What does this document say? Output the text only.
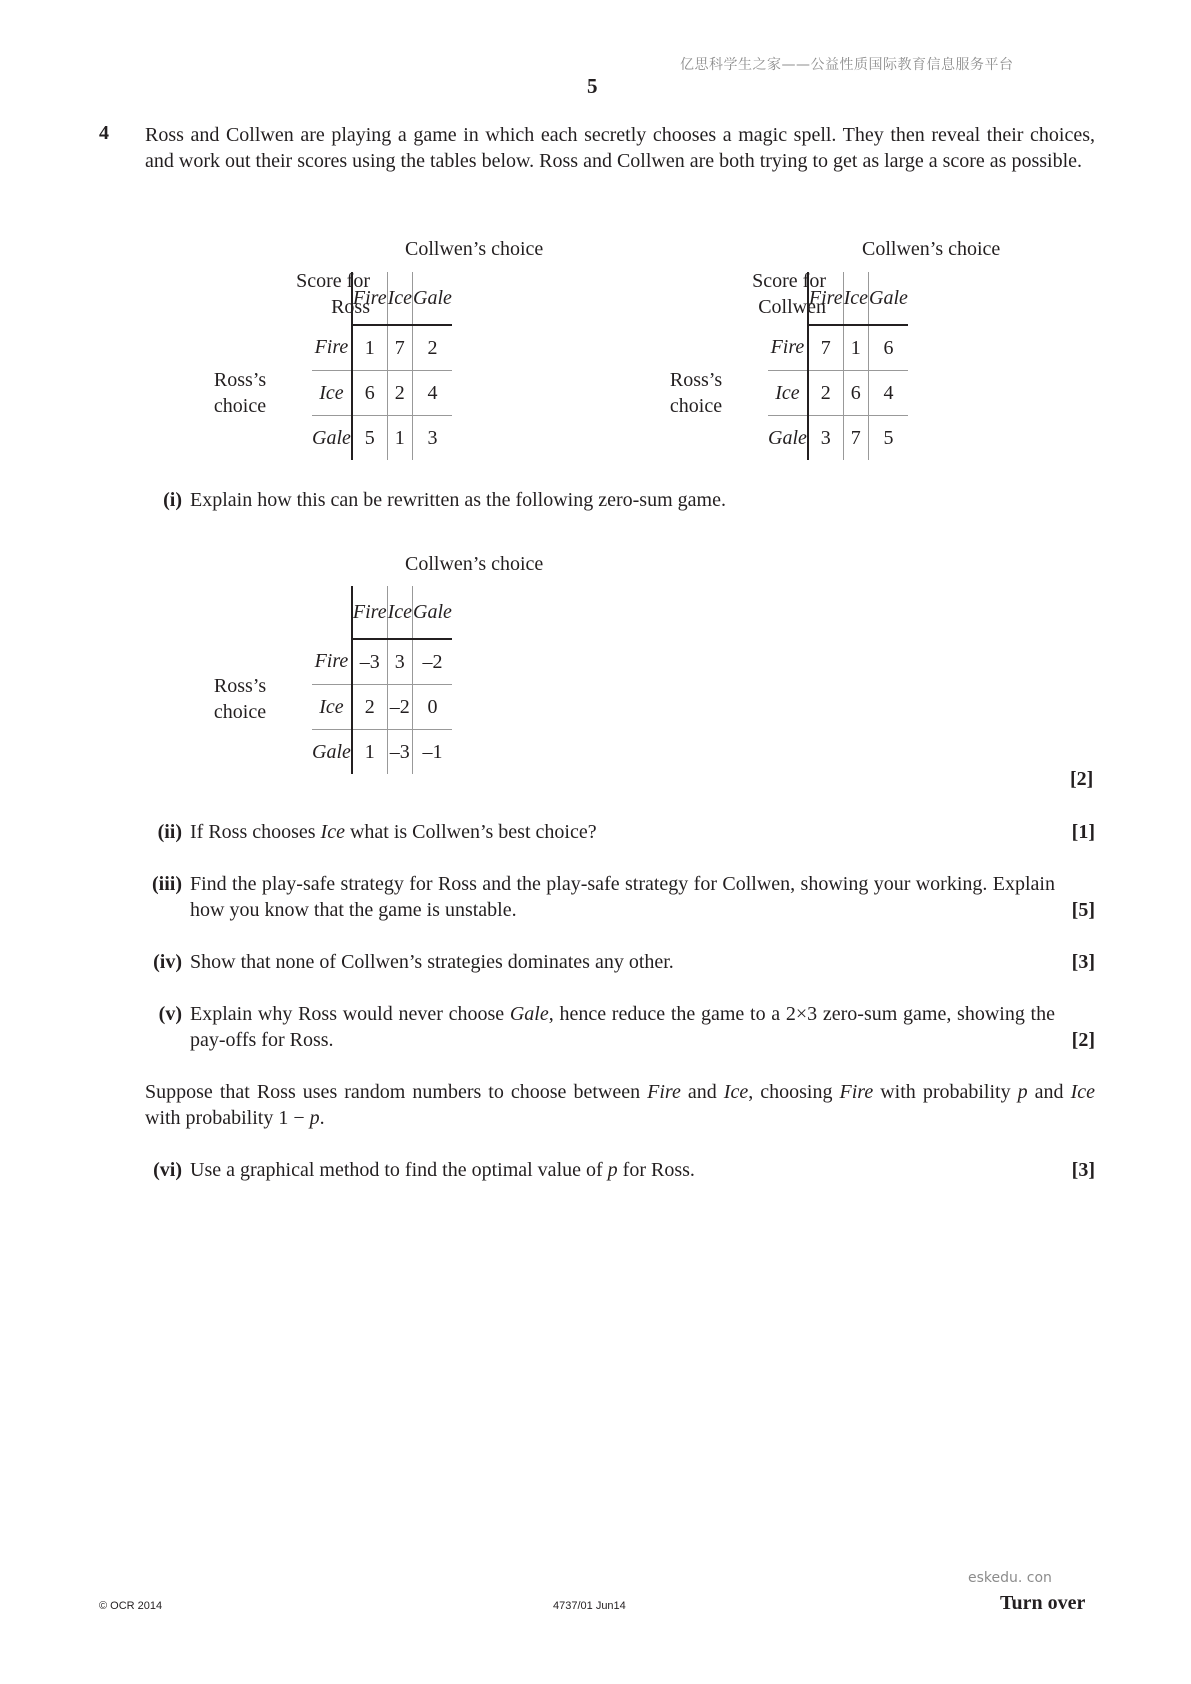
亿思科学生之家——公益性质国际教育信息服务平台
5
4 Ross and Collwen are playing a game in which each secretly chooses a magic spell. They then reveal their choices, and work out their scores using the tables below. Ross and Collwen are both trying to get as large a score as possible.
Collwen’s choice
Score for
Ross
Ross’s
choice
	Fire	Ice	Gale
Fire	1	7	2
Ice	6	2	4
Gale	5	1	3
Collwen’s choice
Score for
Collwen
Ross’s
choice
	Fire	Ice	Gale
Fire	7	1	6
Ice	2	6	4
Gale	3	7	5
(i) Explain how this can be rewritten as the following zero-sum game.
Collwen’s choice
Ross’s
choice
	Fire	Ice	Gale
Fire	–3	3	–2
Ice	2	–2	0
Gale	1	–3	–1
[2]
(ii) If Ross chooses Ice what is Collwen’s best choice?	[1]
(iii) Find the play-safe strategy for Ross and the play-safe strategy for Collwen, showing your working. Explain how you know that the game is unstable.	[5]
(iv) Show that none of Collwen’s strategies dominates any other.	[3]
(v) Explain why Ross would never choose Gale, hence reduce the game to a 2×3 zero-sum game, showing the pay-offs for Ross.	[2]
Suppose that Ross uses random numbers to choose between Fire and Ice, choosing Fire with probability p and Ice with probability 1 − p.
(vi) Use a graphical method to find the optimal value of p for Ross.	[3]
© OCR 2014	4737/01 Jun14
eskedu. con
Turn over
